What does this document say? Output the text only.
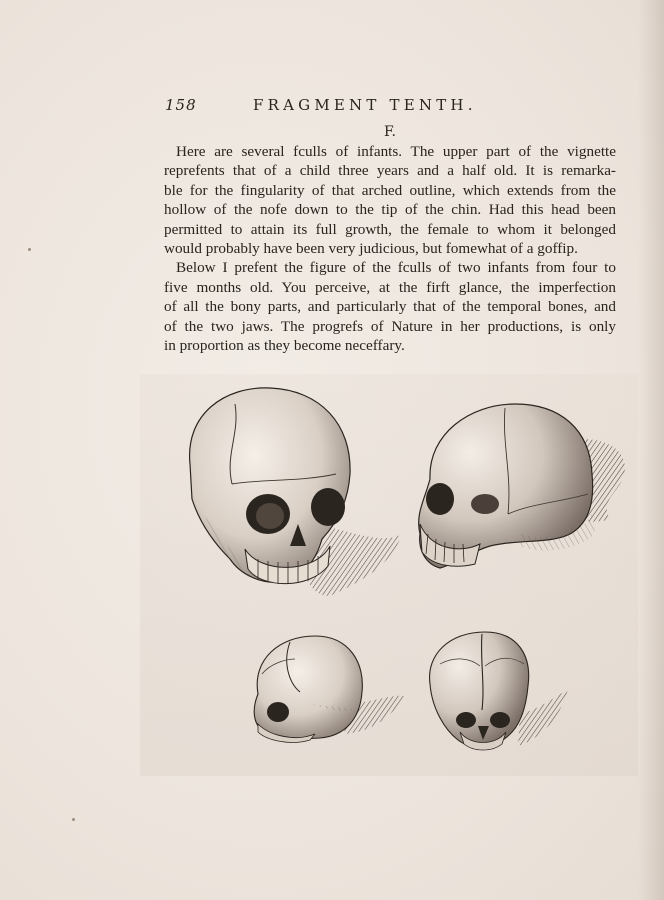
158	FRAGMENT TENTH.
F.
Here are several fculls of infants. The upper part of the vignette
reprefents that of a child three years and a half old. It is remarka-
ble for the fingularity of that arched outline, which extends from the
hollow of the nofe down to the tip of the chin. Had this head been
permitted to attain its full growth, the female to whom it belonged
would probably have been very judicious, but fomewhat of a goffip.
Below I prefent the figure of the fculls of two infants from four to
five months old. You perceive, at the firft glance, the imperfection
of all the bony parts, and particularly that of the temporal bones, and
of the two jaws. The progrefs of Nature in her productions, is only
in proportion as they become neceffary.
